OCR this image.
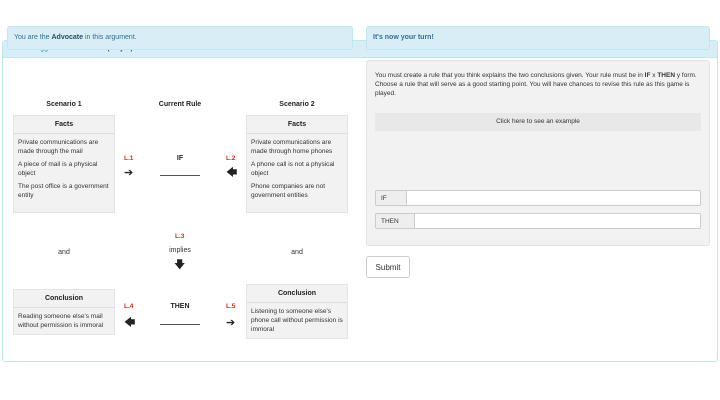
You are the Advocate in this argument.	It's now your turn!
Scenario 1	Current Rule	Scenario 2
Facts

Private communications are made through the mail

A piece of mail is a physical object

The post office is a government entity

Facts

Private communications are made through home phones

A phone call is not a physical object

Phone companies are not government entities

L.1	L.2
IF
➔	🡄
and	and
L.3
implies
🡇
Conclusion

Reading someone else's mail without permission is immoral

Conclusion

Listening to someone else's phone call without permission is immoral

L.4	L.5
THEN
🡄	➔
You must create a rule that you think explains the two conclusions given. Your rule must be in IF x THEN y form. Choose a rule that will serve as a good starting point. You will have chances to revise this rule as this game is played.
Click here to see an example
IF
THEN
Submit
